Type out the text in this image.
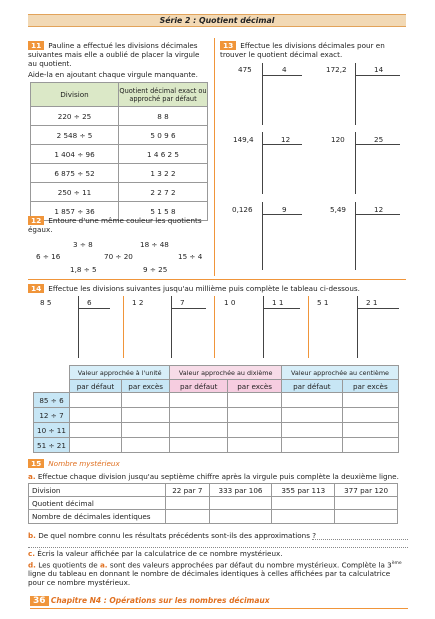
Série 2 : Quotient décimal
11 Pauline a effectué les divisions décimales suivantes mais elle a oublié de placer la virgule au quotient.
Aide-la en ajoutant chaque virgule manquante.
Division	Quotient décimal exact ou approché par défaut
220 ÷ 25	8 8
2 548 ÷ 5	5 0 9 6
1 404 ÷ 96	1 4 6 2 5
6 875 ÷ 52	1 3 2 2
250 ÷ 11	2 2 7 2
1 857 ÷ 36	5 1 5 8
12 Entoure d'une même couleur les quotients égaux.
3 ÷ 8	18 ÷ 48
6 ÷ 16	70 ÷ 20	15 ÷ 4
1,8 ÷ 5	9 ÷ 25
13 Effectue les divisions décimales pour en trouver le quotient décimal exact.
475	4	172,2	14
149,4	12	120	25
0,126	9	5,49	12
14 Effectue les divisions suivantes jusqu'au millième puis complète le tableau ci-dessous.
8 5	6	1 2	7	1 0	1 1	5 1	2 1
	Valeur approchée à l'unité		Valeur approchée au dixième		Valeur approchée au centième	
	par défaut	par excès	par défaut	par excès	par défaut	par excès
85 ÷ 6						
12 ÷ 7						
10 ÷ 11						
51 ÷ 21						
15 Nombre mystérieux
a. Effectue chaque division jusqu'au septième chiffre après la virgule puis complète la deuxième ligne.
Division	22 par 7	333 par 106	355 par 113	377 par 120
Quotient décimal				
Nombre de décimales identiques				
b. De quel nombre connu les résultats précédents sont-ils des approximations ?
c. Écris la valeur affichée par la calculatrice de ce nombre mystérieux.
d. Les quotients de a. sont des valeurs approchées par défaut du nombre mystérieux. Complète la 3ème ligne du tableau en donnant le nombre de décimales identiques à celles affichées par ta calculatrice pour ce nombre mystérieux.
36 Chapitre N4 : Opérations sur les nombres décimaux
